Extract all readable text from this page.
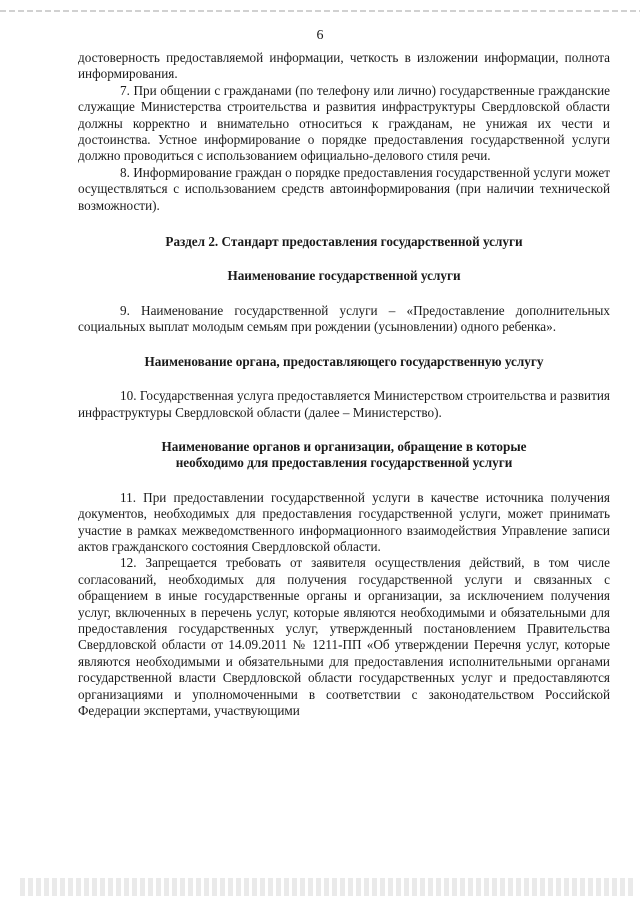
6

достоверность предоставляемой информации, четкость в изложении информации, полнота информирования.

7. При общении с гражданами (по телефону или лично) государственные гражданские служащие Министерства строительства и развития инфраструктуры Свердловской области должны корректно и внимательно относиться к гражданам, не унижая их чести и достоинства. Устное информирование о порядке предоставления государственной услуги должно проводиться с использованием официально-делового стиля речи.

8. Информирование граждан о порядке предоставления государственной услуги может осуществляться с использованием средств автоинформирования (при наличии технической возможности).

Раздел 2. Стандарт предоставления государственной услуги
Наименование государственной услуги

9. Наименование государственной услуги – «Предоставление дополнительных социальных выплат молодым семьям при рождении (усыновлении) одного ребенка».

Наименование органа, предоставляющего государственную услугу

10. Государственная услуга предоставляется Министерством строительства и развития инфраструктуры Свердловской области (далее – Министерство).

Наименование органов и организации, обращение в которые
необходимо для предоставления государственной услуги

11. При предоставлении государственной услуги в качестве источника получения документов, необходимых для предоставления государственной услуги, может принимать участие в рамках межведомственного информационного взаимодействия Управление записи актов гражданского состояния Свердловской области.

12. Запрещается требовать от заявителя осуществления действий, в том числе согласований, необходимых для получения государственной услуги и связанных с обращением в иные государственные органы и организации, за исключением получения услуг, включенных в перечень услуг, которые являются необходимыми и обязательными для предоставления государственных услуг, утвержденный постановлением Правительства Свердловской области от 14.09.2011 № 1211-ПП «Об утверждении Перечня услуг, которые являются необходимыми и обязательными для предоставления исполнительными органами государственной власти Свердловской области государственных услуг и предоставляются организациями и уполномоченными в соответствии с законодательством Российской Федерации экспертами, участвующими
